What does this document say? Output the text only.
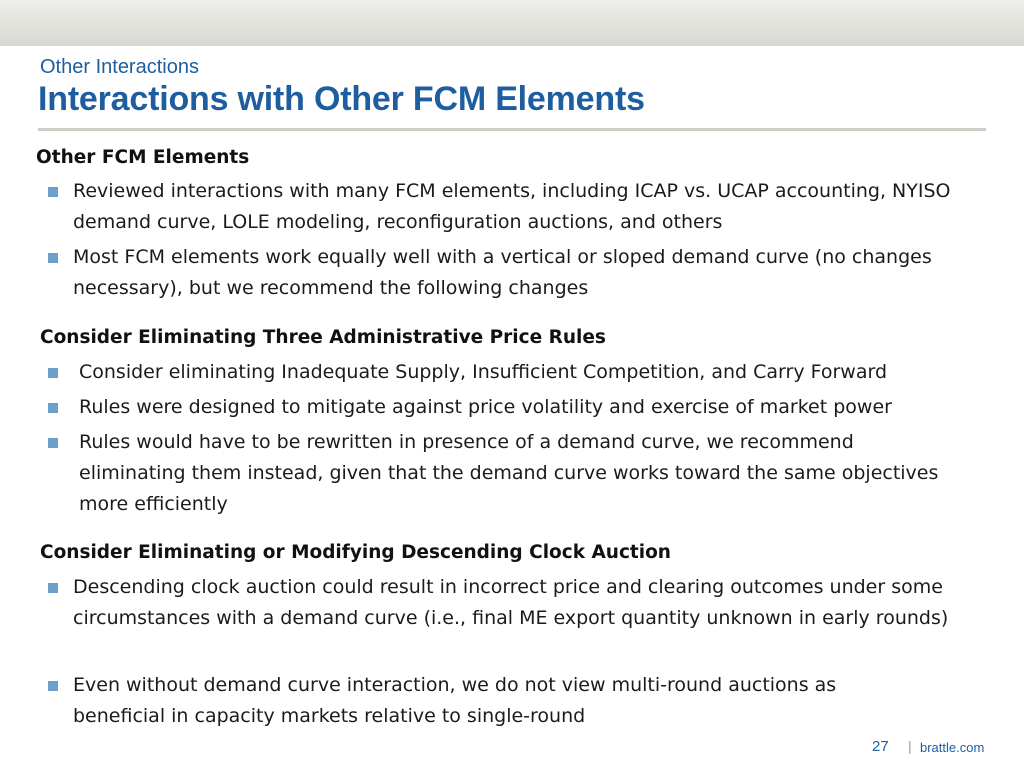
Other Interactions
Interactions with Other FCM Elements
Other FCM Elements
Reviewed interactions with many FCM elements, including ICAP vs. UCAP accounting, NYISO demand curve, LOLE modeling, reconfiguration auctions, and others
Most FCM elements work equally well with a vertical or sloped demand curve (no changes necessary), but we recommend the following changes
Consider Eliminating Three Administrative Price Rules
Consider eliminating Inadequate Supply, Insufficient Competition, and Carry Forward
Rules were designed to mitigate against price volatility and exercise of market power
Rules would have to be rewritten in presence of a demand curve, we recommend eliminating them instead, given that the demand curve works toward the same objectives more efficiently
Consider Eliminating or Modifying Descending Clock Auction
Descending clock auction could result in incorrect price and clearing outcomes under some circumstances with a demand curve (i.e., final ME export quantity unknown in early rounds)
Even without demand curve interaction, we do not view multi-round auctions as beneficial in capacity markets relative to single-round
27 | brattle.com
